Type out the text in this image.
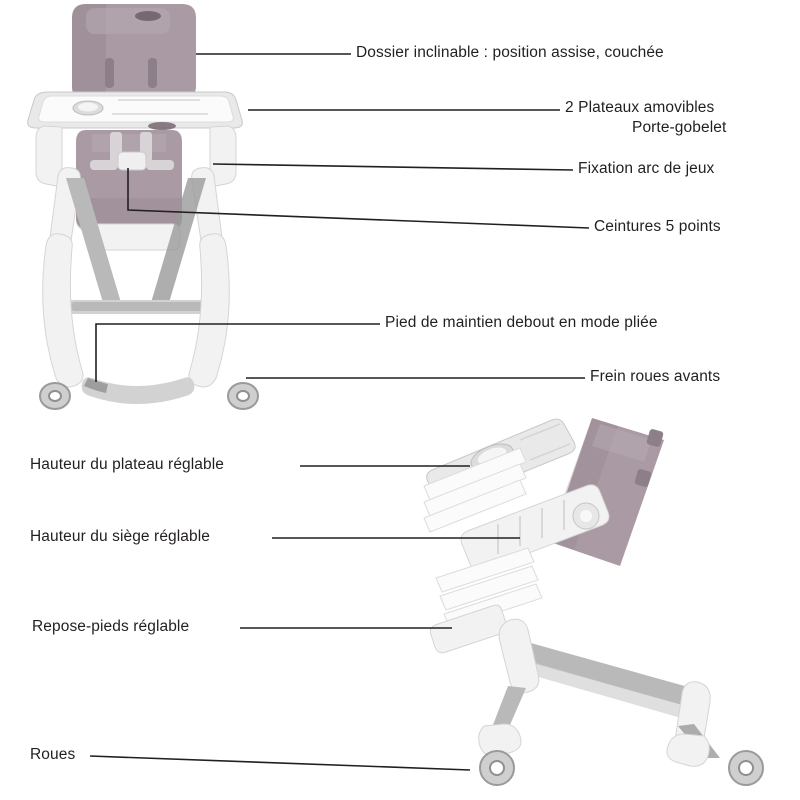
Dossier inclinable : position assise, couchée
2 Plateaux amovibles
Porte-gobelet
Fixation arc de jeux
Ceintures 5 points
Pied de maintien debout en mode pliée
Frein roues avants
Hauteur du plateau réglable
Hauteur du siège réglable
Repose-pieds réglable
Roues
